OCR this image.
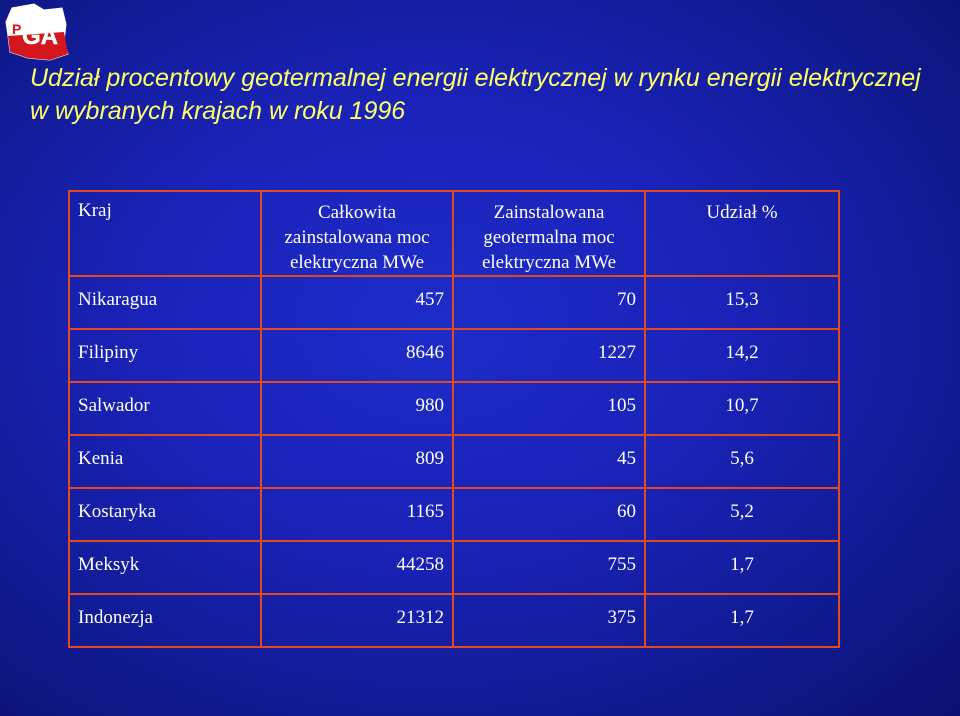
P GA
Udział procentowy geotermalnej energii elektrycznej w rynku energii elektrycznej w wybranych krajach w roku 1996
Kraj	Całkowita zainstalowana moc elektryczna MWe	Zainstalowana geotermalna moc elektryczna MWe	Udział %
Nikaragua	457	70	15,3
Filipiny	8646	1227	14,2
Salwador	980	105	10,7
Kenia	809	45	5,6
Kostaryka	1165	60	5,2
Meksyk	44258	755	1,7
Indonezja	21312	375	1,7
